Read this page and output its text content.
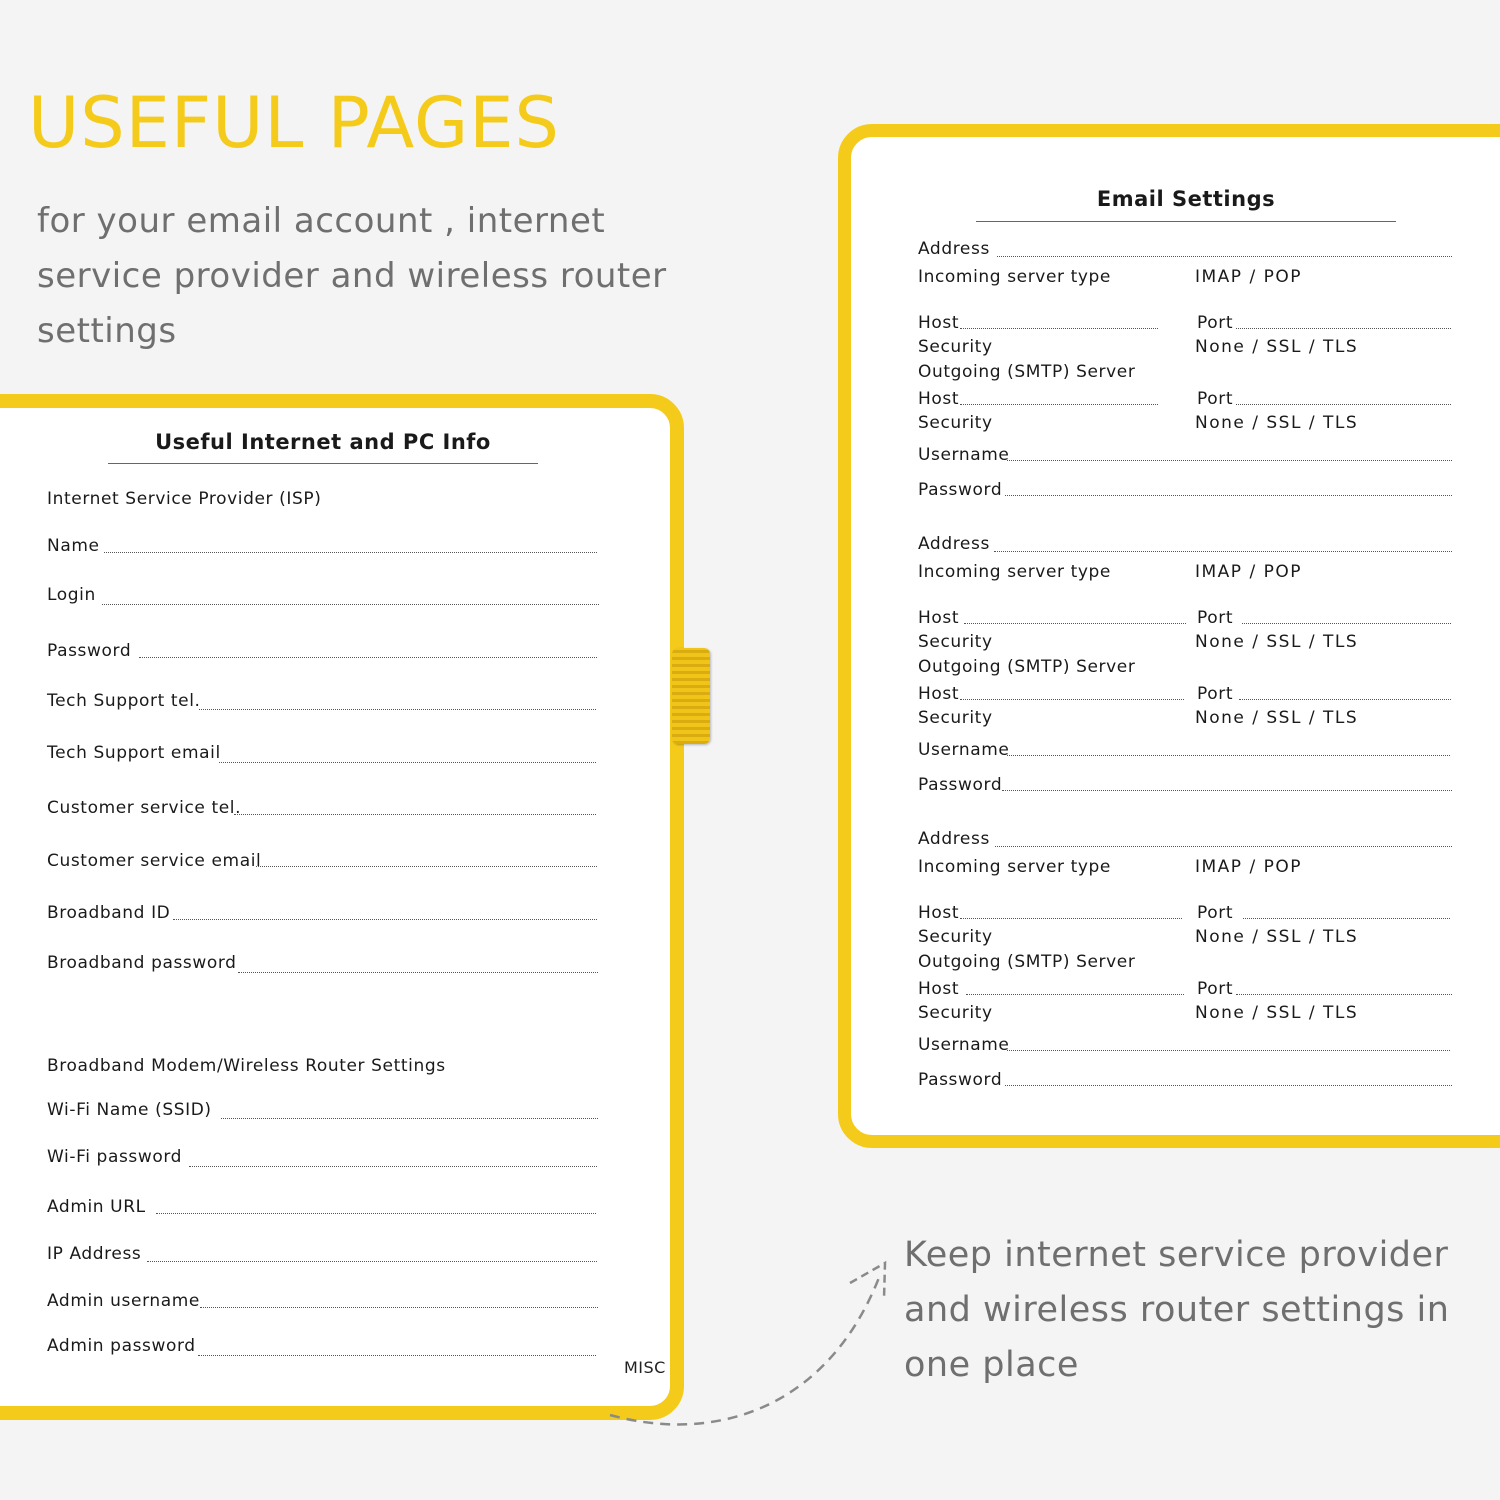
USEFUL PAGES
for your email account , internet service provider and wireless router settings
Useful Internet and PC Info
Internet Service Provider (ISP)
Name
Login
Password
Tech Support tel.
Tech Support email
Customer service tel.
Customer service email
Broadband ID
Broadband password
Broadband Modem/Wireless Router Settings
Wi-Fi Name (SSID)
Wi-Fi password
Admin URL
IP Address
Admin username
Admin password
MISC
Email Settings
Address
Incoming server type	IMAP / POP
Host	Port
Security	None / SSL / TLS
Outgoing (SMTP) Server
Host	Port
Security	None / SSL / TLS
Username
Password
Address
Incoming server type	IMAP / POP
Host	Port
Security	None / SSL / TLS
Outgoing (SMTP) Server
Host	Port
Security	None / SSL / TLS
Username
Password
Address
Incoming server type	IMAP / POP
Host	Port
Security	None / SSL / TLS
Outgoing (SMTP) Server
Host	Port
Security	None / SSL / TLS
Username
Password
Keep internet service provider and wireless router settings in one place
